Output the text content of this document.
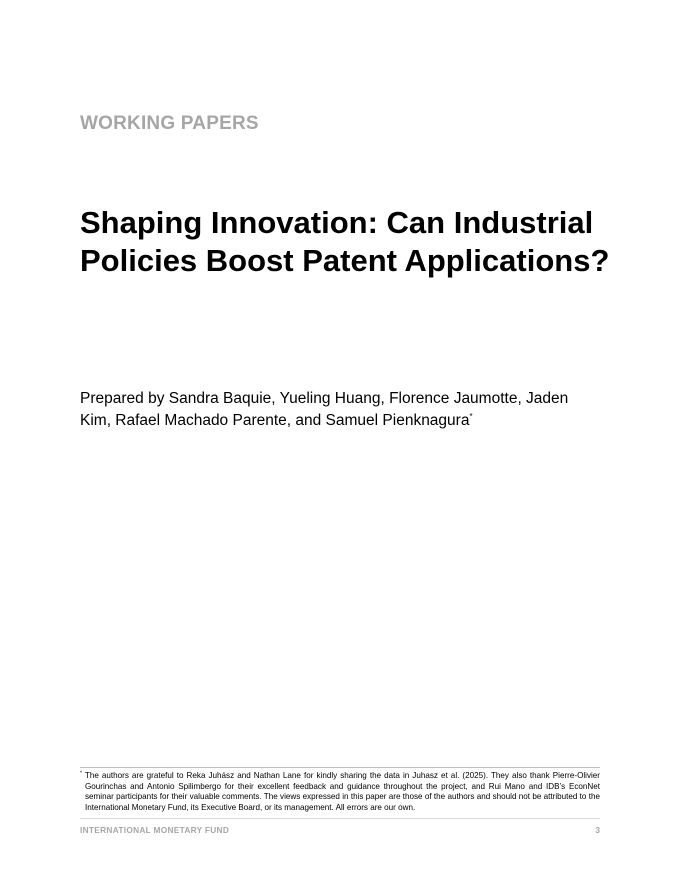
WORKING PAPERS

Shaping Innovation: Can Industrial Policies Boost Patent Applications?

Prepared by Sandra Baquie, Yueling Huang, Florence Jaumotte, Jaden Kim, Rafael Machado Parente, and Samuel Pienknagura*

* The authors are grateful to Reka Juhász and Nathan Lane for kindly sharing the data in Juhasz et al. (2025). They also thank Pierre-Olivier Gourinchas and Antonio Spilimbergo for their excellent feedback and guidance throughout the project, and Rui Mano and IDB’s EconNet seminar participants for their valuable comments. The views expressed in this paper are those of the authors and should not be attributed to the International Monetary Fund, its Executive Board, or its management. All errors are our own.

INTERNATIONAL MONETARY FUND	3
